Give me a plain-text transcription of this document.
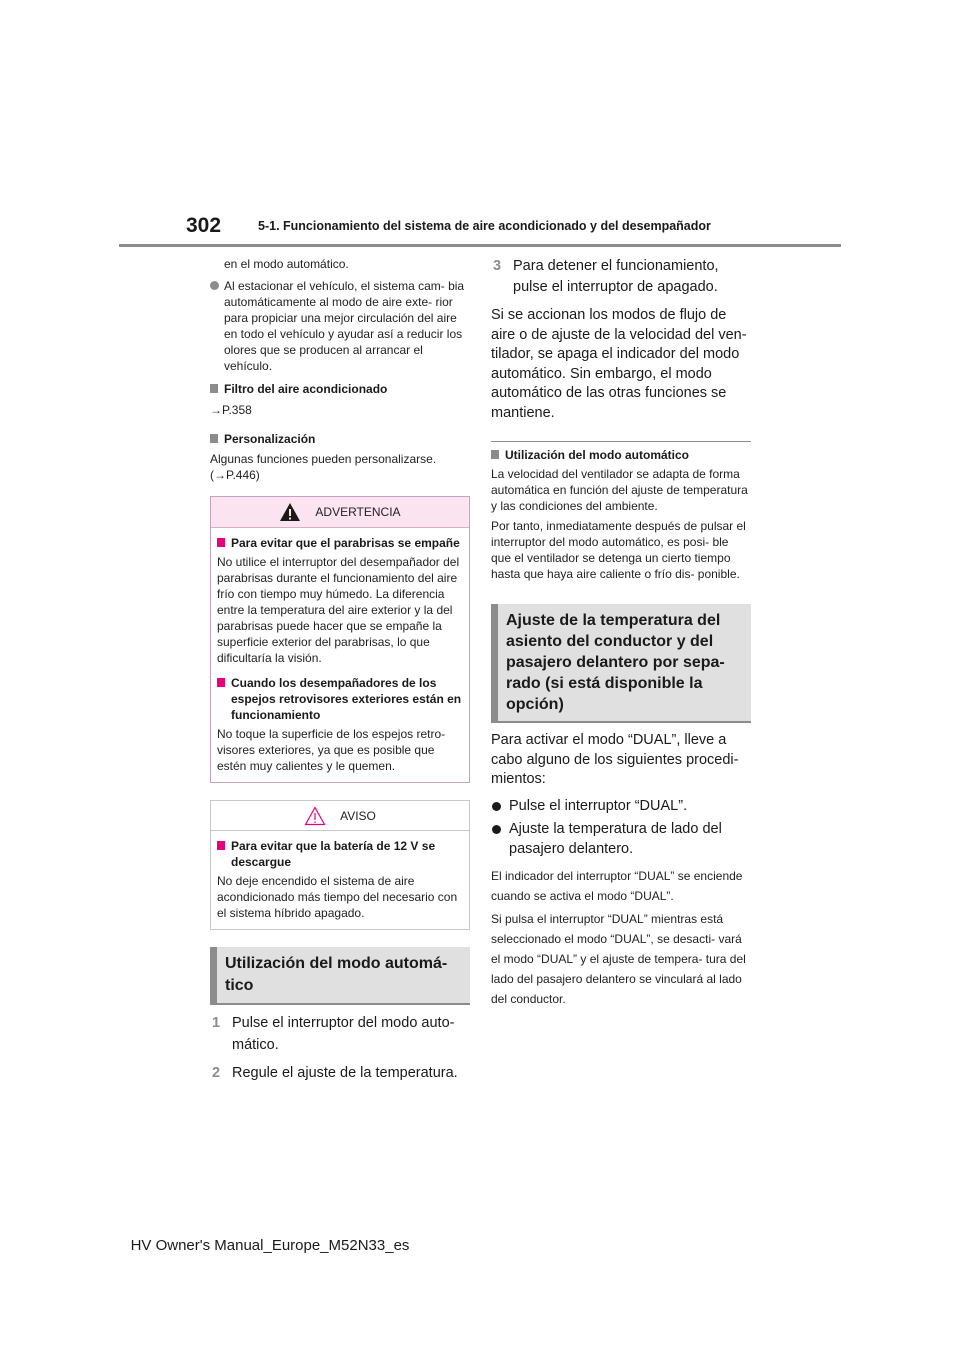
302	5-1. Funcionamiento del sistema de aire acondicionado y del desempañador
en el modo automático.
Al estacionar el vehículo, el sistema cam- bia automáticamente al modo de aire exte- rior para propiciar una mejor circulación del aire en todo el vehículo y ayudar así a reducir los olores que se producen al arrancar el vehículo.
Filtro del aire acondicionado
→P.358
Personalización
Algunas funciones pueden personalizarse.
(→P.446)
ADVERTENCIA
Para evitar que el parabrisas se empañe
No utilice el interruptor del desempañador del parabrisas durante el funcionamiento del aire frío con tiempo muy húmedo. La diferencia entre la temperatura del aire exterior y la del parabrisas puede hacer que se empañe la superficie exterior del parabrisas, lo que dificultaría la visión.
Cuando los desempañadores de los espejos retrovisores exteriores están en funcionamiento
No toque la superficie de los espejos retro- visores exteriores, ya que es posible que estén muy calientes y le quemen.
AVISO
Para evitar que la batería de 12 V se descargue
No deje encendido el sistema de aire acondicionado más tiempo del necesario con el sistema híbrido apagado.
Utilización del modo automá- tico
1 Pulse el interruptor del modo auto- mático.
2 Regule el ajuste de la temperatura.
3 Para detener el funcionamiento, pulse el interruptor de apagado.
Si se accionan los modos de flujo de aire o de ajuste de la velocidad del ven- tilador, se apaga el indicador del modo automático. Sin embargo, el modo automático de las otras funciones se mantiene.
Utilización del modo automático
La velocidad del ventilador se adapta de forma automática en función del ajuste de temperatura y las condiciones del ambiente.
Por tanto, inmediatamente después de pulsar el interruptor del modo automático, es posi- ble que el ventilador se detenga un cierto tiempo hasta que haya aire caliente o frío dis- ponible.
Ajuste de la temperatura del asiento del conductor y del pasajero delantero por sepa- rado (si está disponible la opción)
Para activar el modo “DUAL”, lleve a cabo alguno de los siguientes procedi- mientos:
Pulse el interruptor “DUAL”.
Ajuste la temperatura de lado del pasajero delantero.
El indicador del interruptor “DUAL” se enciende cuando se activa el modo “DUAL”.
Si pulsa el interruptor “DUAL” mientras está seleccionado el modo “DUAL”, se desacti- vará el modo “DUAL” y el ajuste de tempera- tura del lado del pasajero delantero se vinculará al lado del conductor.
HV Owner's Manual_Europe_M52N33_es
